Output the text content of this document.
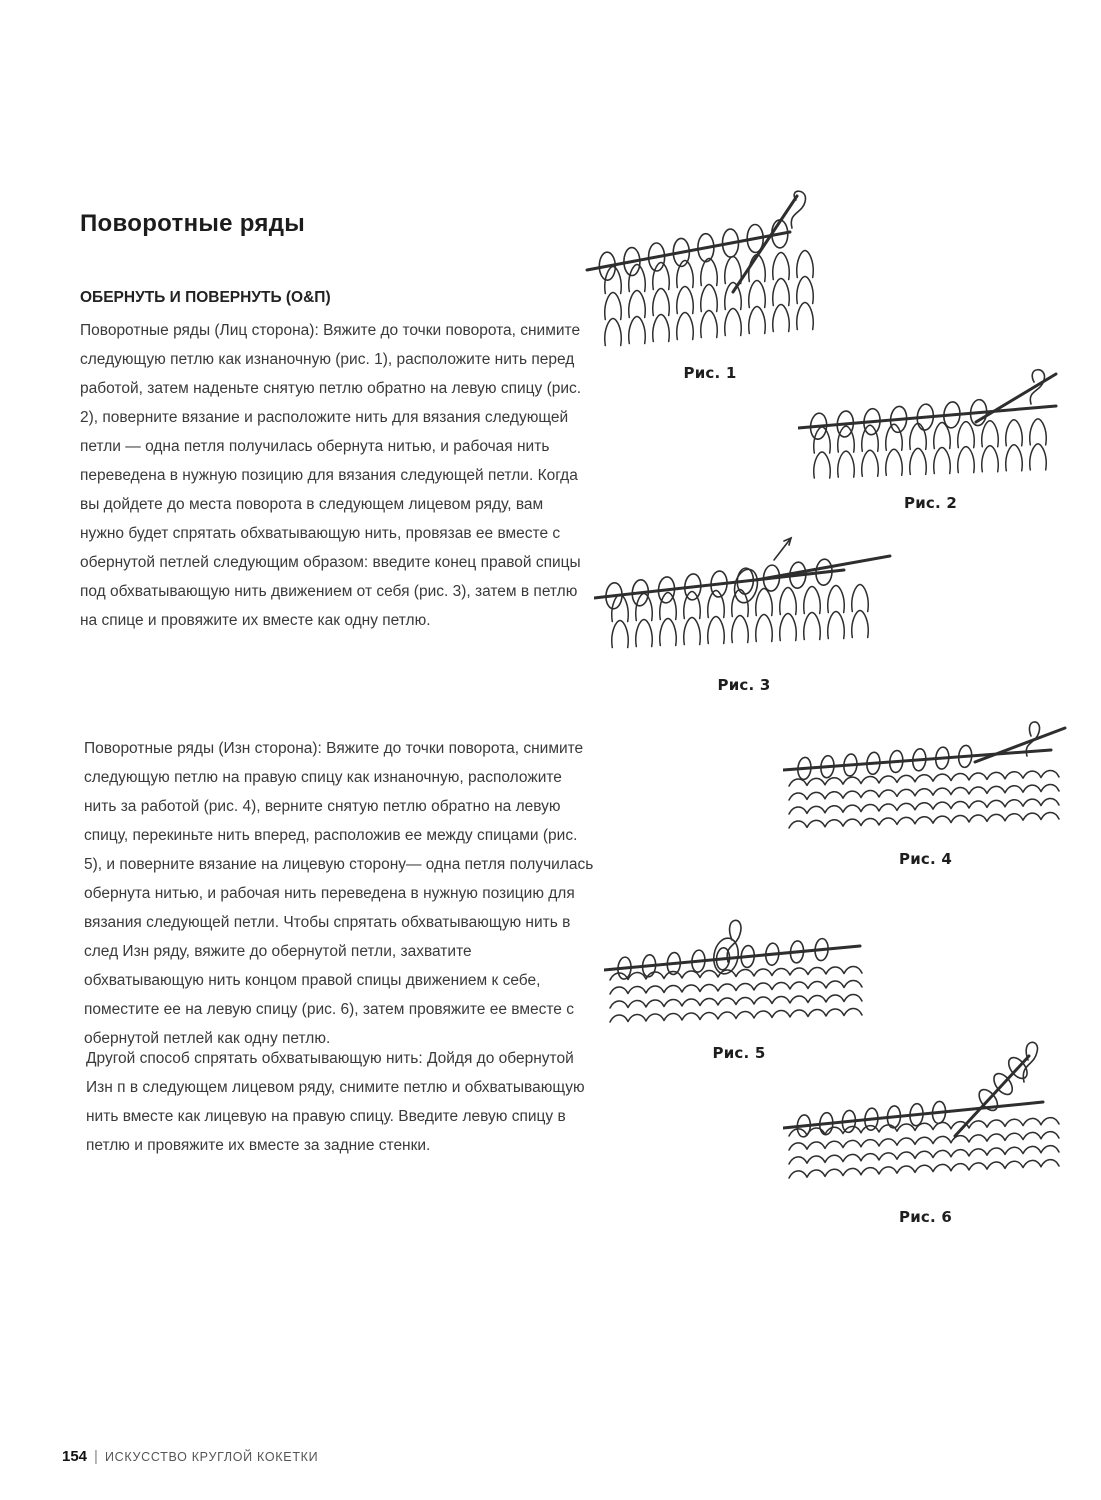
Поворотные ряды
ОБЕРНУТЬ И ПОВЕРНУТЬ (О&П)

Поворотные ряды (Лиц сторона): Вяжите до точки поворота, снимите следующую петлю как изнаночную (рис. 1), расположите нить перед работой, затем наденьте снятую петлю обратно на левую спицу (рис. 2), поверните вязание и расположите нить для вязания следующей петли — одна петля получилась обернута нитью, и рабочая нить переведена в нужную позицию для вязания следующей петли. Когда вы дойдете до места поворота в следующем лицевом ряду, вам нужно будет спрятать обхватывающую нить, провязав ее вместе с обернутой петлей следующим образом: введите конец правой спицы под обхватывающую нить движением от себя (рис. 3), затем в петлю на спице и провяжите их вместе как одну петлю.

Поворотные ряды (Изн сторона): Вяжите до точки поворота, снимите следующую петлю на правую спицу как изнаночную, расположите нить за работой (рис. 4), верните снятую петлю обратно на левую спицу, перекиньте нить вперед, расположив ее между спицами (рис. 5), и поверните вязание на лицевую сторону— одна петля получилась обернута нитью, и рабочая нить переведена в нужную позицию для вязания следующей петли. Чтобы спрятать обхватывающую нить в след Изн ряду, вяжите до обернутой петли, захватите обхватывающую нить концом правой спицы движением к себе, поместите ее на левую спицу (рис. 6), затем провяжите ее вместе с обернутой петлей как одну петлю.

Другой способ спрятать обхватывающую нить: Дойдя до обернутой Изн п в следующем лицевом ряду, снимите петлю и обхватывающую нить вместе как лицевую на правую спицу. Введите левую спицу в петлю и провяжите их вместе за задние стенки.

Рис. 1
Рис. 2
Рис. 3
Рис. 4
Рис. 5
Рис. 6
154 | ИСКУССТВО КРУГЛОЙ КОКЕТКИ
